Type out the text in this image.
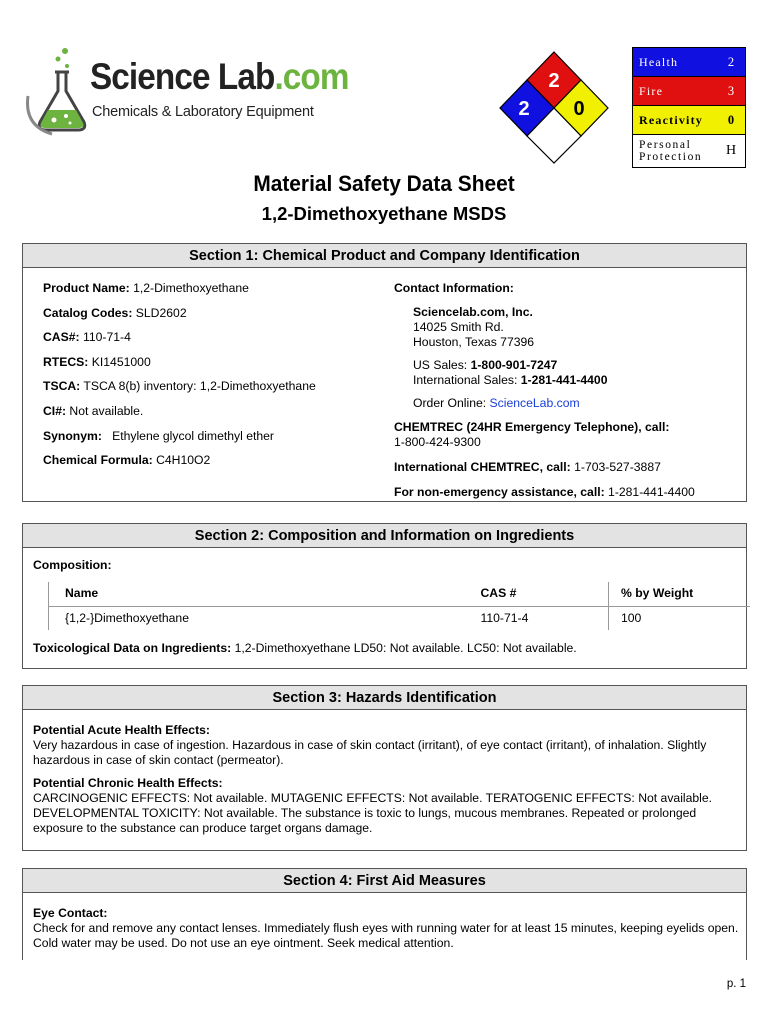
Science Lab.com
Chemicals & Laboratory Equipment
2
2 0
Health	2
Fire	3
Reactivity	0
Personal
Protection	H
Material Safety Data Sheet
1,2-Dimethoxyethane MSDS
Section 1: Chemical Product and Company Identification
Product Name: 1,2-Dimethoxyethane
Catalog Codes: SLD2602
CAS#: 110-71-4
RTECS: KI1451000
TSCA: TSCA 8(b) inventory: 1,2-Dimethoxyethane
CI#: Not available.
Synonym:   Ethylene glycol dimethyl ether
Chemical Formula: C4H10O2
Contact Information:
Sciencelab.com, Inc.
14025 Smith Rd.
Houston, Texas 77396
US Sales: 1-800-901-7247
International Sales: 1-281-441-4400
Order Online: ScienceLab.com
CHEMTREC (24HR Emergency Telephone), call:
1-800-424-9300
International CHEMTREC, call: 1-703-527-3887
For non-emergency assistance, call: 1-281-441-4400
Section 2: Composition and Information on Ingredients
Composition:
Name	CAS #	% by Weight
{1,2-}Dimethoxyethane	110-71-4	100
Toxicological Data on Ingredients: 1,2-Dimethoxyethane LD50: Not available. LC50: Not available.
Section 3: Hazards Identification
Potential Acute Health Effects:
Very hazardous in case of ingestion. Hazardous in case of skin contact (irritant), of eye contact (irritant), of inhalation. Slightly hazardous in case of skin contact (permeator).
Potential Chronic Health Effects:
CARCINOGENIC EFFECTS: Not available. MUTAGENIC EFFECTS: Not available. TERATOGENIC EFFECTS: Not available. DEVELOPMENTAL TOXICITY: Not available. The substance is toxic to lungs, mucous membranes. Repeated or prolonged exposure to the substance can produce target organs damage.
Section 4: First Aid Measures
Eye Contact:
Check for and remove any contact lenses. Immediately flush eyes with running water for at least 15 minutes, keeping eyelids open. Cold water may be used. Do not use an eye ointment. Seek medical attention.
p. 1
